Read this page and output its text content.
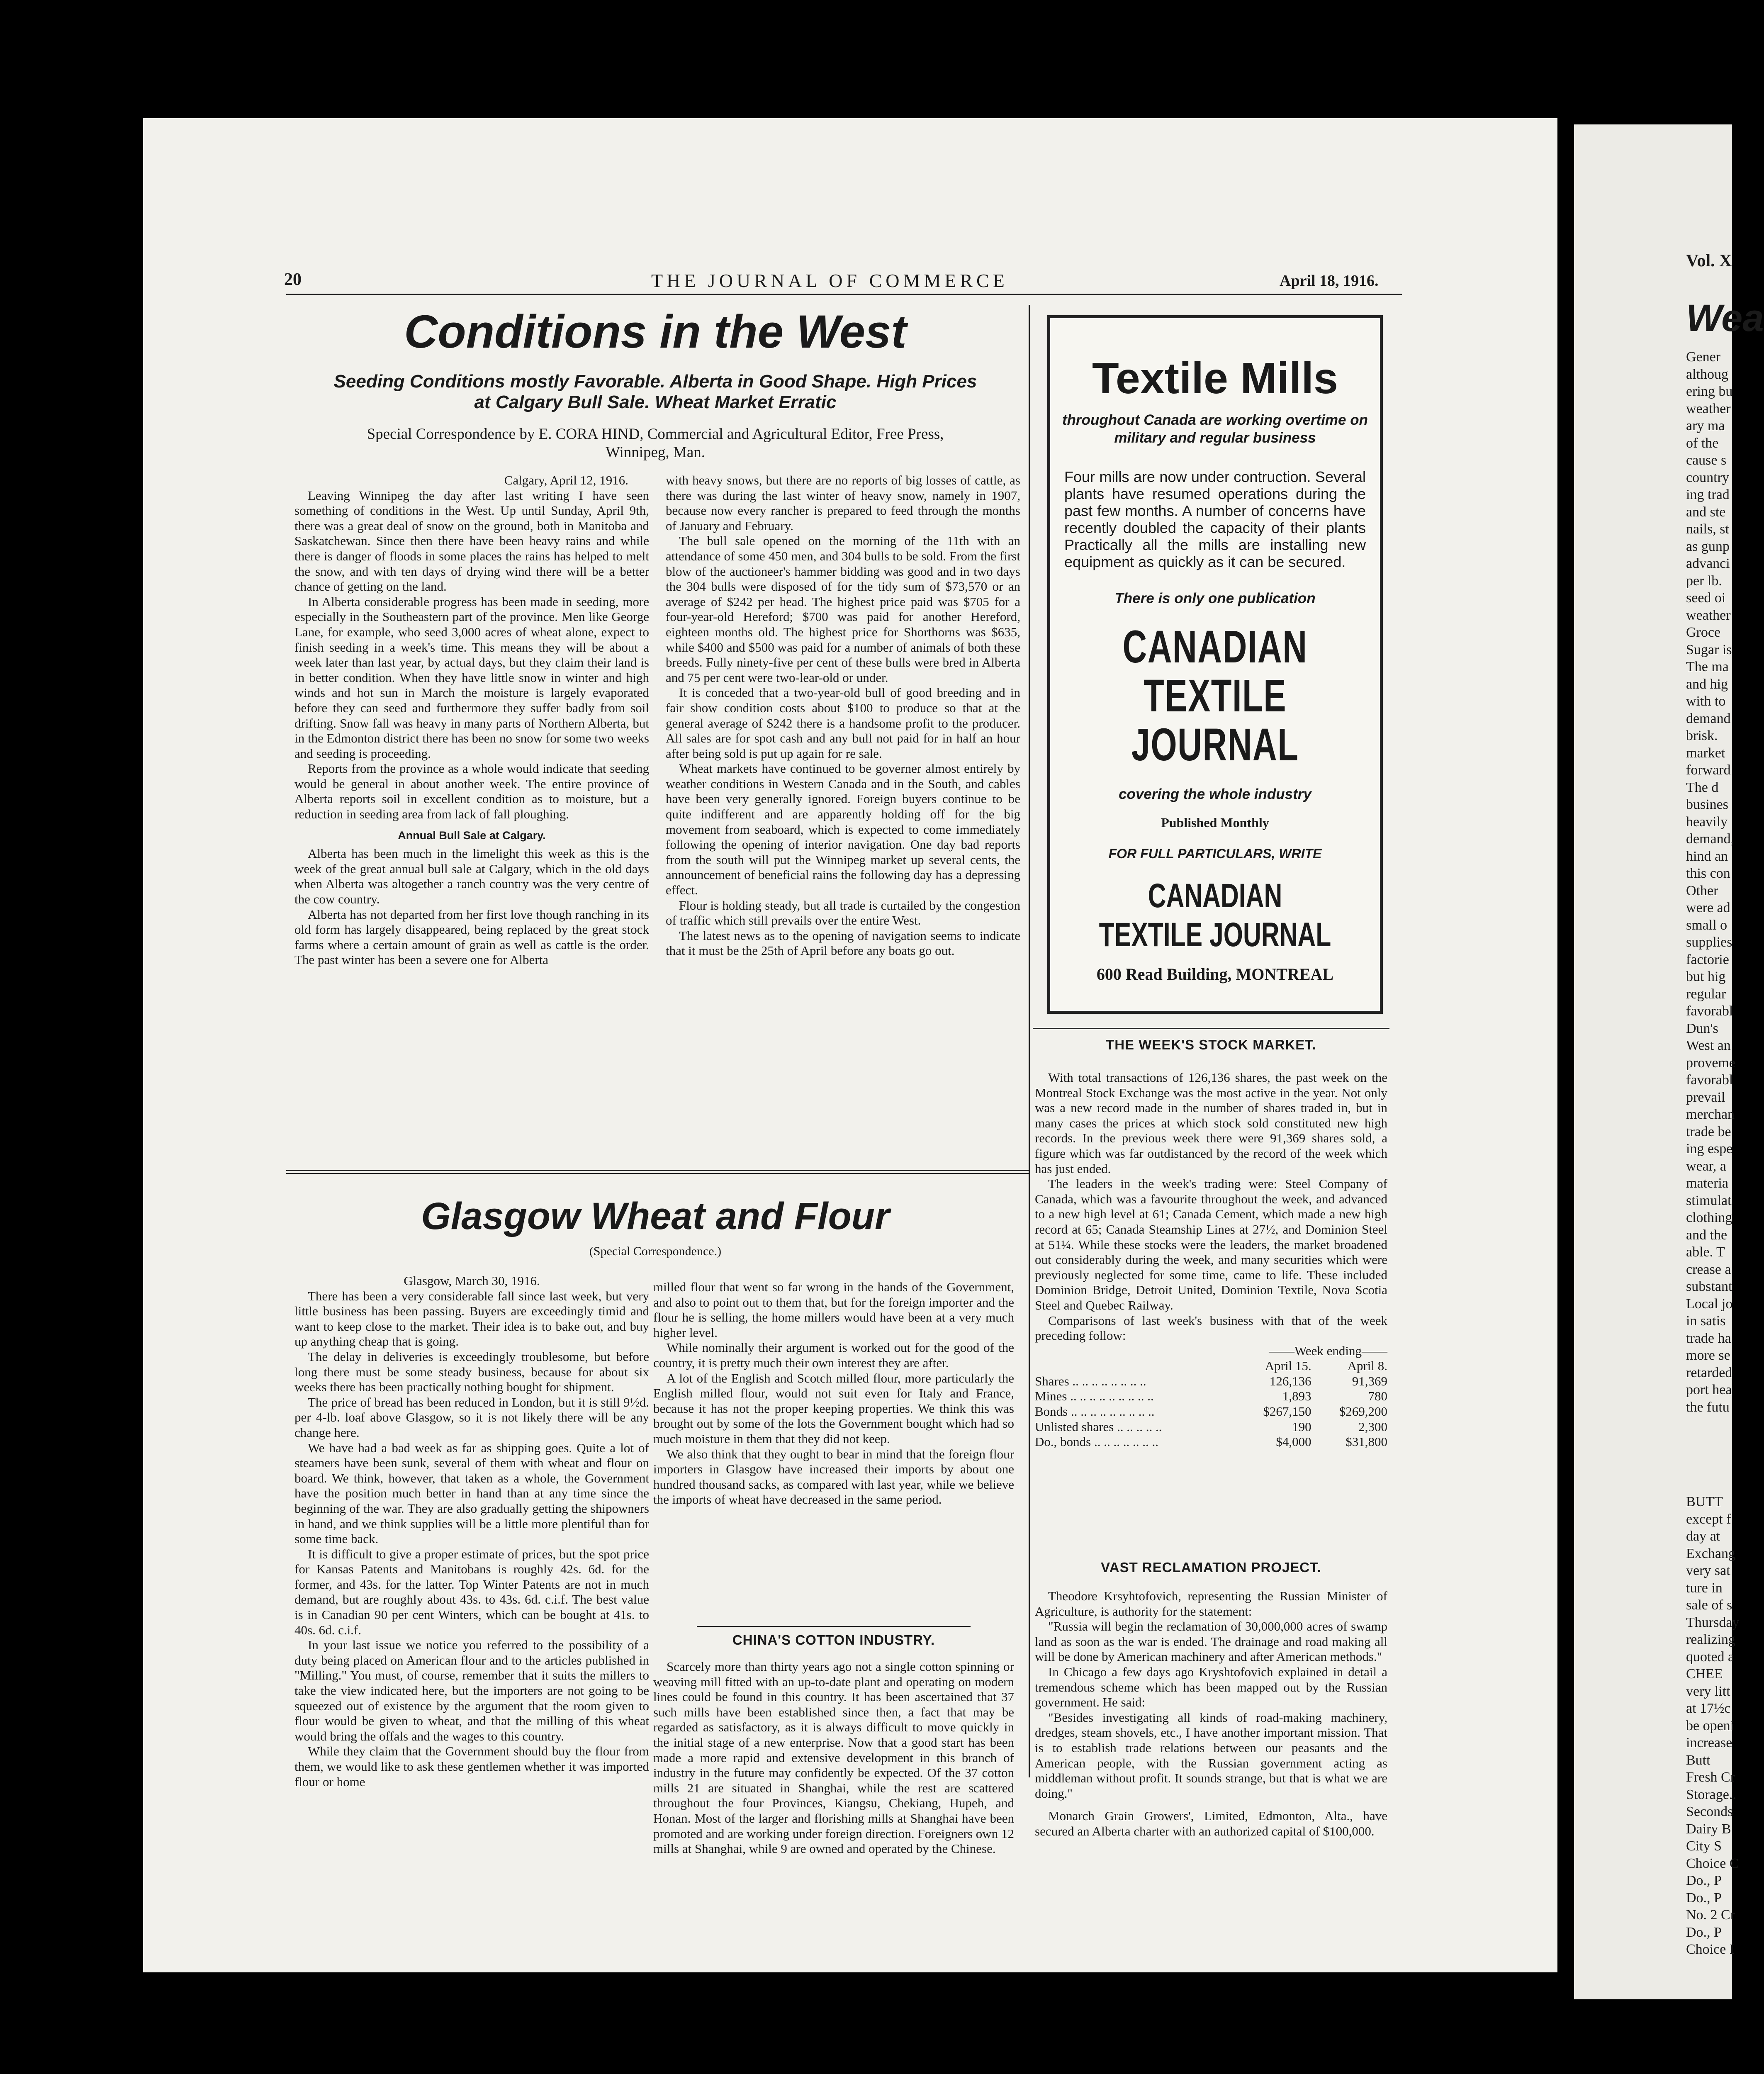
Vol. X
Wea
Gener
althoug
ering bu
weather
ary ma
of the
cause s
country
ing trad
and ste
nails, st
as gunp
advanci
per lb.
seed oi
weather
Groce
Sugar is
The ma
and hig
with to
demand
brisk.
market
forward
The d
busines
heavily
demand,
hind an
this con
Other
were ad
small o
supplies
factorie
but hig
regular
favorabl
Dun's
West an
proveme
favorabl
prevail
merchan
trade be
ing espe
wear, a
materia
stimulat
clothing
and the
able. T
crease a
substant
Local jo
in satis
trade ha
more se
retarded
port hea
the futu
BUTT
except f
day at
Exchang
very sat
ture in
sale of s
Thursday
realizing
quoted a
CHEE
very litt
at 17½c
be openi
increase
Butt
Fresh Cr
Storage..
Seconds
Dairy B
City S
Choice C
Do., P
Do., P
No. 2 Cr
Do., P
Choice I
20	THE JOURNAL OF COMMERCE	April 18, 1916.
Conditions in the West
Seeding Conditions mostly Favorable. Alberta in Good Shape. High Prices at Calgary Bull Sale. Wheat Market Erratic
Special Correspondence by E. CORA HIND, Commercial and Agricultural Editor, Free Press,
Winnipeg, Man.

Calgary, April 12, 1916.

Leaving Winnipeg the day after last writing I have seen something of conditions in the West. Up until Sunday, April 9th, there was a great deal of snow on the ground, both in Manitoba and Saskatchewan. Since then there have been heavy rains and while there is danger of floods in some places the rains has helped to melt the snow, and with ten days of drying wind there will be a better chance of getting on the land.

In Alberta considerable progress has been made in seeding, more especially in the Southeastern part of the province. Men like George Lane, for example, who seed 3,000 acres of wheat alone, expect to finish seeding in a week's time. This means they will be about a week later than last year, by actual days, but they claim their land is in better condition. When they have little snow in winter and high winds and hot sun in March the moisture is largely evaporated before they can seed and furthermore they suffer badly from soil drifting. Snow fall was heavy in many parts of Northern Alberta, but in the Edmonton district there has been no snow for some two weeks and seeding is proceeding.

Reports from the province as a whole would indicate that seeding would be general in about another week. The entire province of Alberta reports soil in excellent condition as to moisture, but a reduction in seeding area from lack of fall ploughing.

Annual Bull Sale at Calgary.

Alberta has been much in the limelight this week as this is the week of the great annual bull sale at Calgary, which in the old days when Alberta was altogether a ranch country was the very centre of the cow country.

Alberta has not departed from her first love though ranching in its old form has largely disappeared, being replaced by the great stock farms where a certain amount of grain as well as cattle is the order. The past winter has been a severe one for Alberta

with heavy snows, but there are no reports of big losses of cattle, as there was during the last winter of heavy snow, namely in 1907, because now every rancher is prepared to feed through the months of January and February.

The bull sale opened on the morning of the 11th with an attendance of some 450 men, and 304 bulls to be sold. From the first blow of the auctioneer's hammer bidding was good and in two days the 304 bulls were disposed of for the tidy sum of $73,570 or an average of $242 per head. The highest price paid was $705 for a four-year-old Hereford; $700 was paid for another Hereford, eighteen months old. The highest price for Shorthorns was $635, while $400 and $500 was paid for a number of animals of both these breeds. Fully ninety-five per cent of these bulls were bred in Alberta and 75 per cent were two-lear-old or under.

It is conceded that a two-year-old bull of good breeding and in fair show condition costs about $100 to produce so that at the general average of $242 there is a handsome profit to the producer. All sales are for spot cash and any bull not paid for in half an hour after being sold is put up again for re sale.

Wheat markets have continued to be governer almost entirely by weather conditions in Western Canada and in the South, and cables have been very generally ignored. Foreign buyers continue to be quite indifferent and are apparently holding off for the big movement from seaboard, which is expected to come immediately following the opening of interior navigation. One day bad reports from the south will put the Winnipeg market up several cents, the announcement of beneficial rains the following day has a depressing effect.

Flour is holding steady, but all trade is curtailed by the congestion of traffic which still prevails over the entire West.

The latest news as to the opening of navigation seems to indicate that it must be the 25th of April before any boats go out.

Textile Mills
throughout Canada are working overtime on military and regular business
Four mills are now under contruction. Several plants have resumed operations during the past few months. A number of concerns have recently doubled the capacity of their plants Practically all the mills are installing new equipment as quickly as it can be secured.
There is only one publication
CANADIAN TEXTILE JOURNAL
covering the whole industry
Published Monthly
FOR FULL PARTICULARS, WRITE
CANADIAN TEXTILE JOURNAL
600 Read Building, MONTREAL
THE WEEK'S STOCK MARKET.

With total transactions of 126,136 shares, the past week on the Montreal Stock Exchange was the most active in the year. Not only was a new record made in the number of shares traded in, but in many cases the prices at which stock sold constituted new high records. In the previous week there were 91,369 shares sold, a figure which was far outdistanced by the record of the week which has just ended.

The leaders in the week's trading were: Steel Company of Canada, which was a favourite throughout the week, and advanced to a new high level at 61; Canada Cement, which made a new high record at 65; Canada Steamship Lines at 27½, and Dominion Steel at 51¼. While these stocks were the leaders, the market broadened out considerably during the week, and many securities which were previously neglected for some time, came to life. These included Dominion Bridge, Detroit United, Dominion Textile, Nova Scotia Steel and Quebec Railway.

Comparisons of last week's business with that of the week preceding follow:

——Week ending——

	April 15.	April 8.
Shares .. .. .. .. .. .. .. ..	126,136	91,369
Mines .. .. .. .. .. .. .. .. ..	1,893	780
Bonds .. .. .. .. .. .. .. .. ..	$267,150	$269,200
Unlisted shares .. .. .. .. ..	190	2,300
Do., bonds .. .. .. .. .. .. ..	$4,000	$31,800
VAST RECLAMATION PROJECT.

Theodore Krsyhtofovich, representing the Russian Minister of Agriculture, is authority for the statement:

"Russia will begin the reclamation of 30,000,000 acres of swamp land as soon as the war is ended. The drainage and road making all will be done by American machinery and after American methods."

In Chicago a few days ago Kryshtofovich explained in detail a tremendous scheme which has been mapped out by the Russian government. He said:

"Besides investigating all kinds of road-making machinery, dredges, steam shovels, etc., I have another important mission. That is to establish trade relations between our peasants and the American people, with the Russian government acting as middleman without profit. It sounds strange, but that is what we are doing."

Monarch Grain Growers', Limited, Edmonton, Alta., have secured an Alberta charter with an authorized capital of $100,000.

Glasgow Wheat and Flour
(Special Correspondence.)

Glasgow, March 30, 1916.

There has been a very considerable fall since last week, but very little business has been passing. Buyers are exceedingly timid and want to keep close to the market. Their idea is to bake out, and buy up anything cheap that is going.

The delay in deliveries is exceedingly troublesome, but before long there must be some steady business, because for about six weeks there has been practically nothing bought for shipment.

The price of bread has been reduced in London, but it is still 9½d. per 4-lb. loaf above Glasgow, so it is not likely there will be any change here.

We have had a bad week as far as shipping goes. Quite a lot of steamers have been sunk, several of them with wheat and flour on board. We think, however, that taken as a whole, the Government have the position much better in hand than at any time since the beginning of the war. They are also gradually getting the shipowners in hand, and we think supplies will be a little more plentiful than for some time back.

It is difficult to give a proper estimate of prices, but the spot price for Kansas Patents and Manitobans is roughly 42s. 6d. for the former, and 43s. for the latter. Top Winter Patents are not in much demand, but are roughly about 43s. to 43s. 6d. c.i.f. The best value is in Canadian 90 per cent Winters, which can be bought at 41s. to 40s. 6d. c.i.f.

In your last issue we notice you referred to the possibility of a duty being placed on American flour and to the articles published in "Milling." You must, of course, remember that it suits the millers to take the view indicated here, but the importers are not going to be squeezed out of existence by the argument that the room given to flour would be given to wheat, and that the milling of this wheat would bring the offals and the wages to this country.

While they claim that the Government should buy the flour from them, we would like to ask these gentlemen whether it was imported flour or home

milled flour that went so far wrong in the hands of the Government, and also to point out to them that, but for the foreign importer and the flour he is selling, the home millers would have been at a very much higher level.

While nominally their argument is worked out for the good of the country, it is pretty much their own interest they are after.

A lot of the English and Scotch milled flour, more particularly the English milled flour, would not suit even for Italy and France, because it has not the proper keeping properties. We think this was brought out by some of the lots the Government bought which had so much moisture in them that they did not keep.

We also think that they ought to bear in mind that the foreign flour importers in Glasgow have increased their imports by about one hundred thousand sacks, as compared with last year, while we believe the imports of wheat have decreased in the same period.

CHINA'S COTTON INDUSTRY.

Scarcely more than thirty years ago not a single cotton spinning or weaving mill fitted with an up-to-date plant and operating on modern lines could be found in this country. It has been ascertained that 37 such mills have been established since then, a fact that may be regarded as satisfactory, as it is always difficult to move quickly in the initial stage of a new enterprise. Now that a good start has been made a more rapid and extensive development in this branch of industry in the future may confidently be expected. Of the 37 cotton mills 21 are situated in Shanghai, while the rest are scattered throughout the four Provinces, Kiangsu, Chekiang, Hupeh, and Honan. Most of the larger and florishing mills at Shanghai have been promoted and are working under foreign direction. Foreigners own 12 mills at Shanghai, while 9 are owned and operated by the Chinese.
